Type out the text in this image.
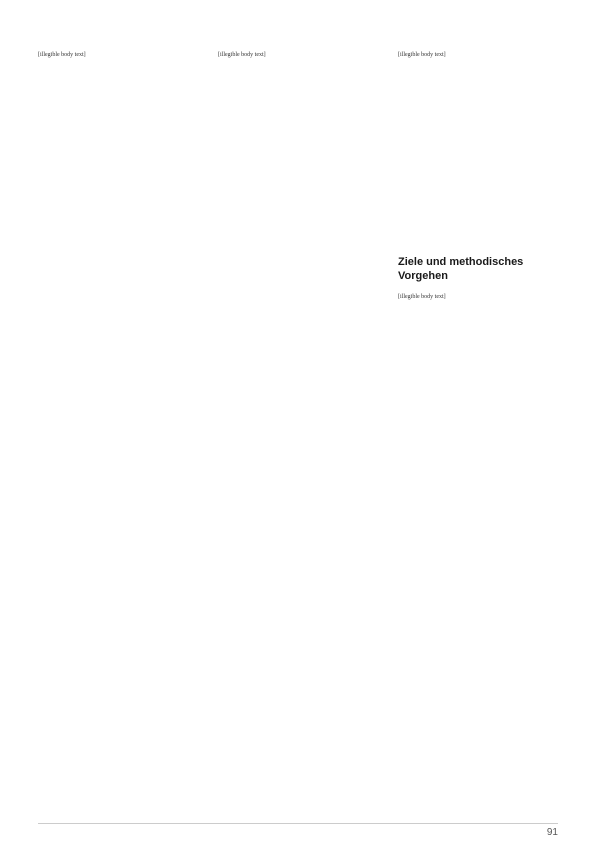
[illegible body text]	[illegible body text]	[illegible body text]

Ziele und methodisches Vorgehen

[illegible body text]

91
